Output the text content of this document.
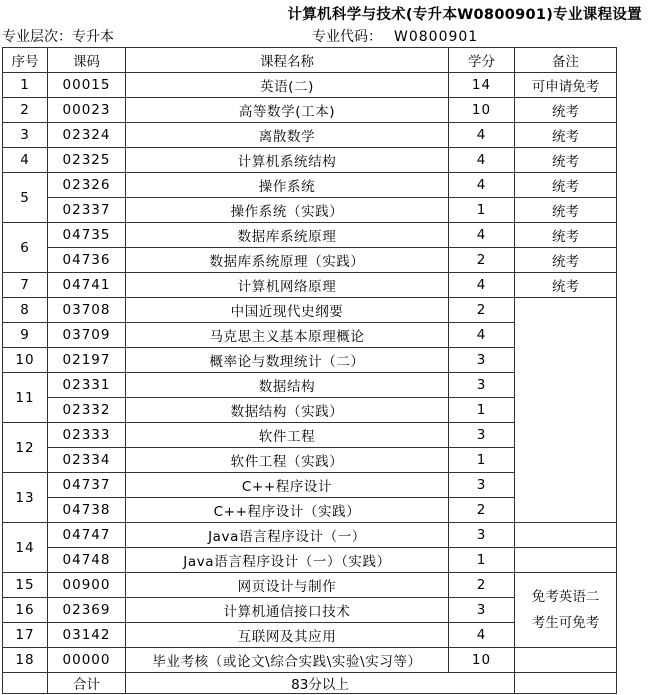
计算机科学与技术(专升本W0800901)专业课程设置
专业层次：专升本	专业代码： W0800901
序号	课码	课程名称	学分	备注
1	00015	英语(二)	14	可申请免考
2	00023	高等数学(工本)	10	统考
3	02324	离散数学	4	统考
4	02325	计算机系统结构	4	统考
5	02326	操作系统	4	统考
	02337	操作系统（实践）	1	统考
6	04735	数据库系统原理	4	统考
	04736	数据库系统原理（实践）	2	统考
7	04741	计算机网络原理	4	统考
8	03708	中国近现代史纲要	2	
9	03709	马克思主义基本原理概论	4	
10	02197	概率论与数理统计（二）	3	
11	02331	数据结构	3	
	02332	数据结构（实践）	1	
12	02333	软件工程	3	
	02334	软件工程（实践）	1	
13	04737	C++程序设计	3	
	04738	C++程序设计（实践）	2	
14	04747	Java语言程序设计（一）	3	
	04748	Java语言程序设计（一）（实践）	1	
15	00900	网页设计与制作	2	免考英语二
考生可免考
16	02369	计算机通信接口技术	3	
17	03142	互联网及其应用	4	
18	00000	毕业考核（或论文\综合实践\实验\实习等）	10	
	合计	83分以上		
